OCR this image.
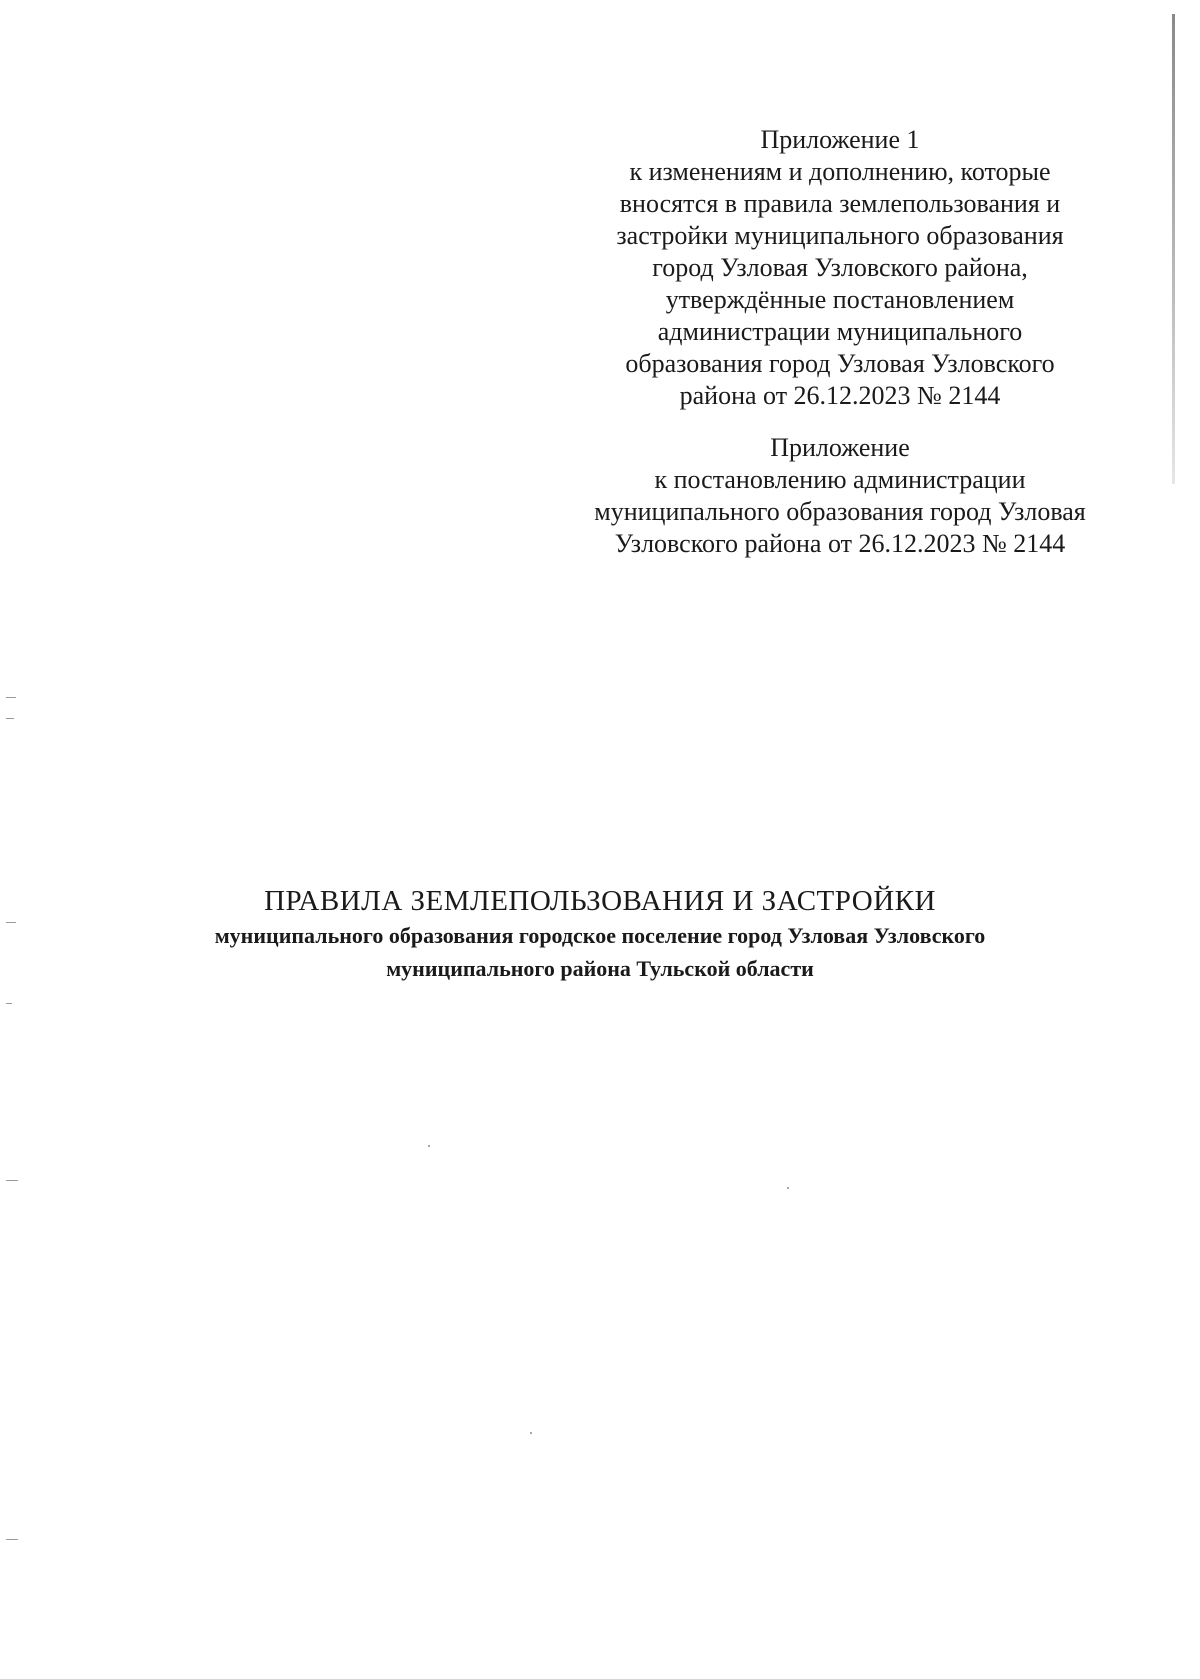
Приложение 1
к изменениям и дополнению, которые
вносятся в правила землепользования и
застройки муниципального образования
город Узловая Узловского района,
утверждённые постановлением
администрации муниципального
образования город Узловая Узловского
района от 26.12.2023 № 2144
Приложение
к постановлению администрации
муниципального образования город Узловая
Узловского района от 26.12.2023 № 2144
ПРАВИЛА ЗЕМЛЕПОЛЬЗОВАНИЯ И ЗАСТРОЙКИ

муниципального образования городское поселение город Узловая Узловского

муниципального района Тульской области
